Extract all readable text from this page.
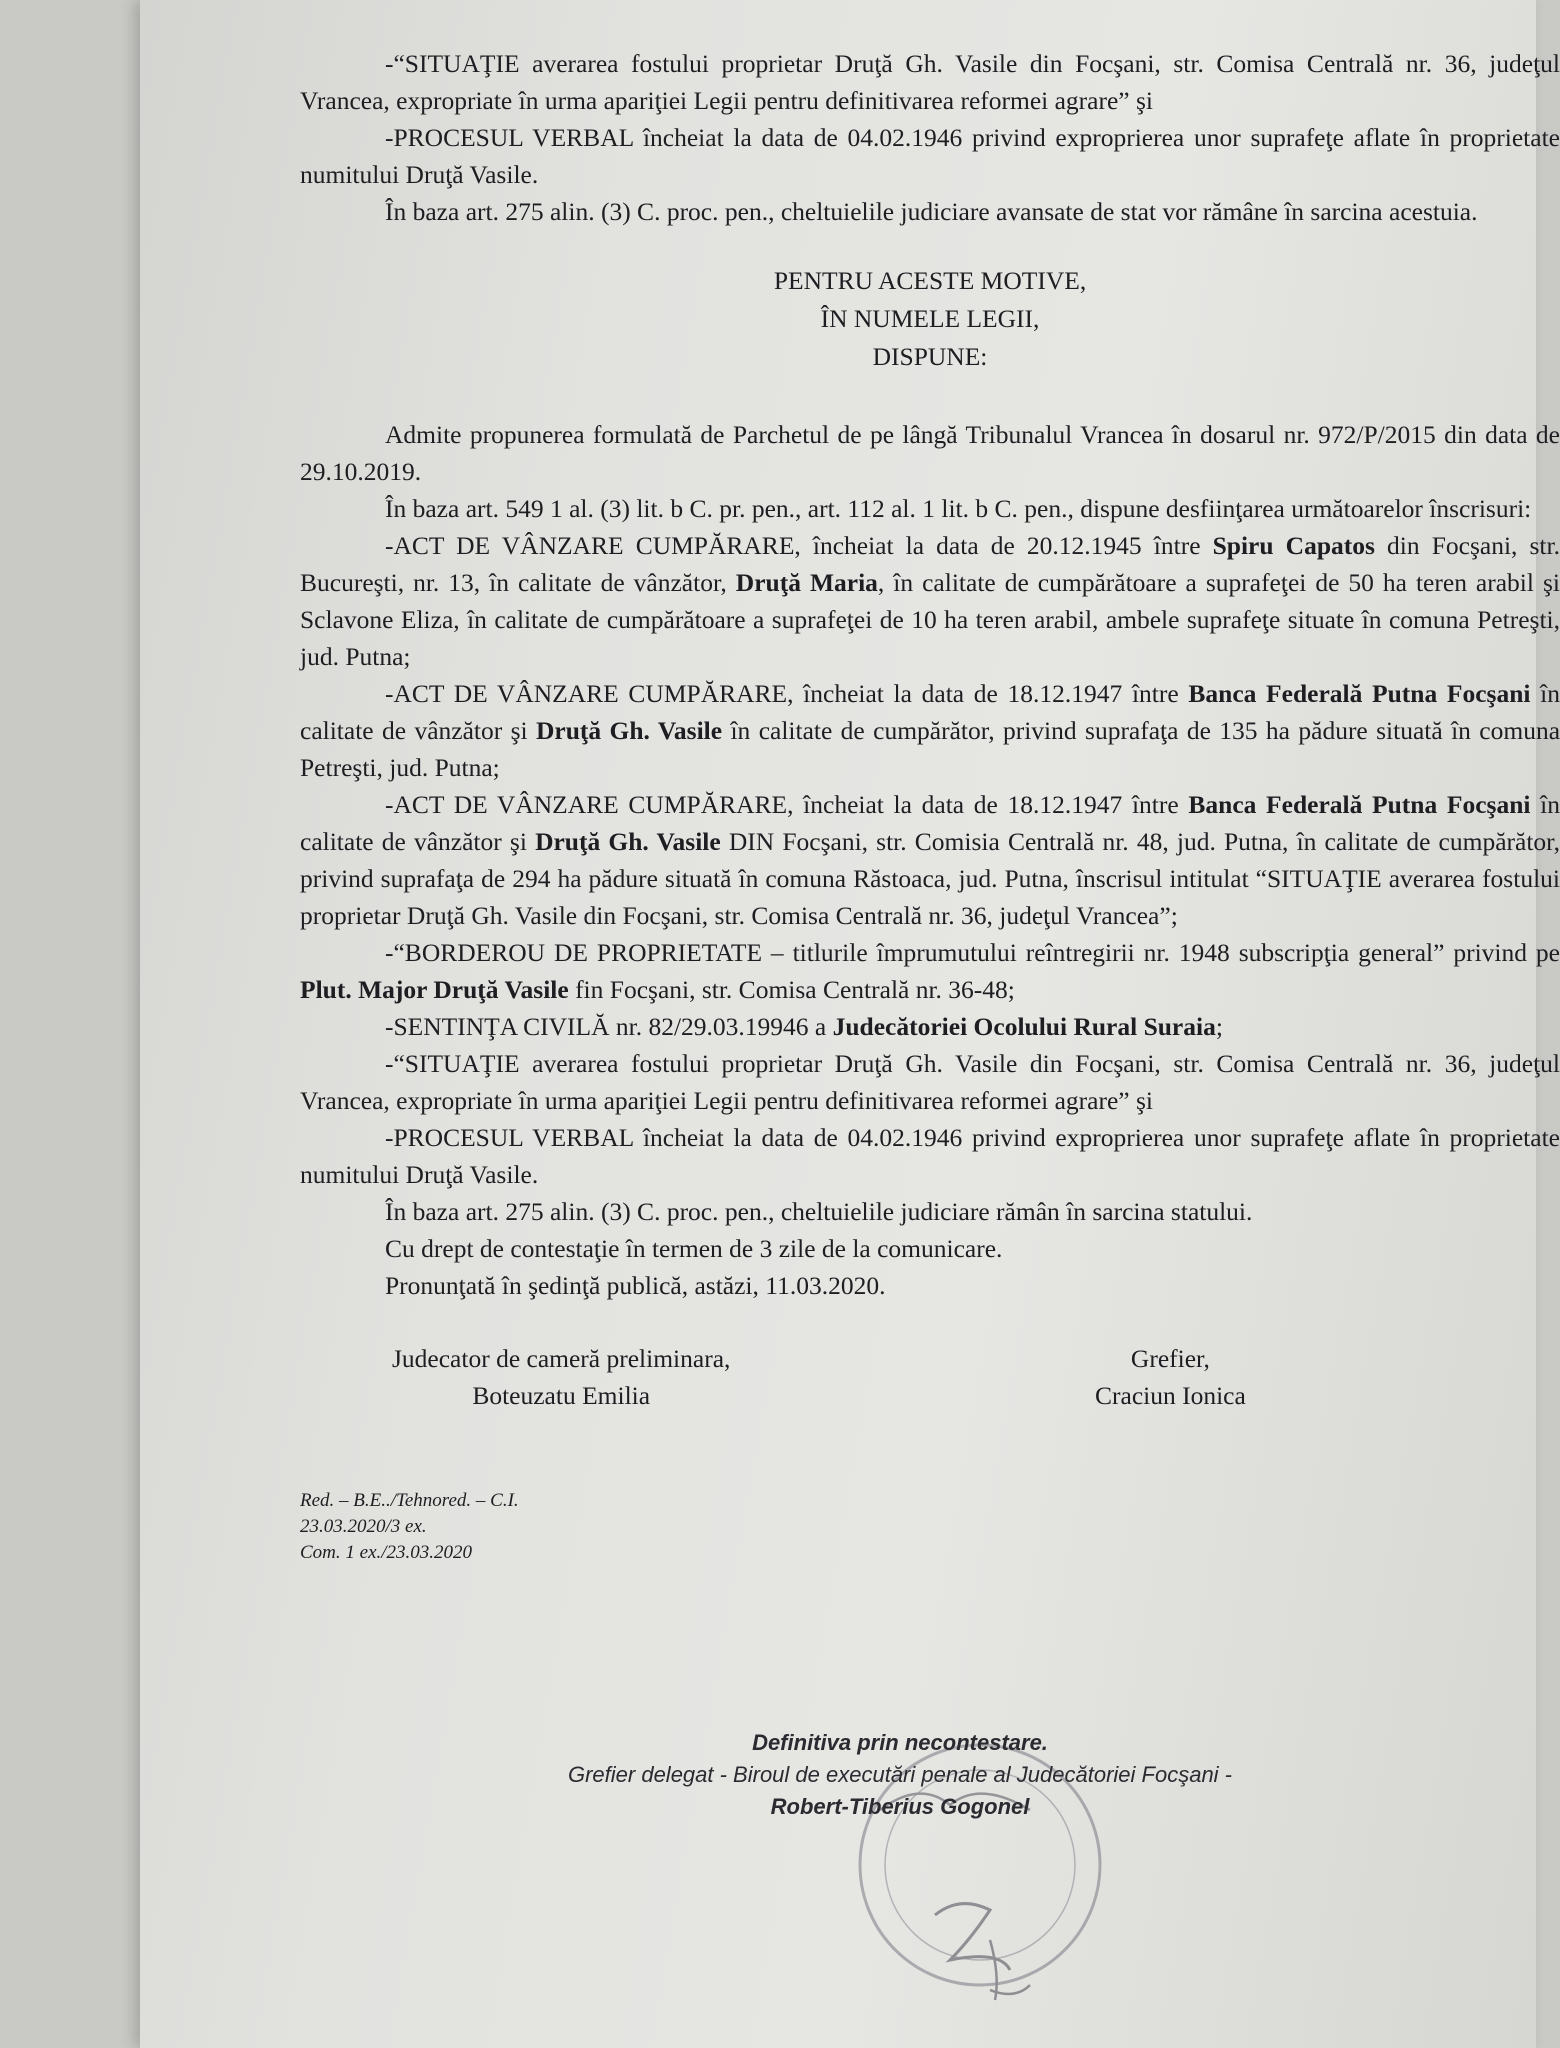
-“SITUAŢIE averarea fostului proprietar Druţă Gh. Vasile din Focşani, str. Comisa Centrală nr. 36, judeţul Vrancea, expropriate în urma apariţiei Legii pentru definitivarea reformei agrare” şi

-PROCESUL VERBAL încheiat la data de 04.02.1946 privind exproprierea unor suprafeţe aflate în proprietate numitului Druţă Vasile.

În baza art. 275 alin. (3) C. proc. pen., cheltuielile judiciare avansate de stat vor rămâne în sarcina acestuia.

PENTRU ACESTE MOTIVE,
ÎN NUMELE LEGII,
DISPUNE:

Admite propunerea formulată de Parchetul de pe lângă Tribunalul Vrancea în dosarul nr. 972/P/2015 din data de 29.10.2019.

În baza art. 549 1 al. (3) lit. b C. pr. pen., art. 112 al. 1 lit. b C. pen., dispune desfiinţarea următoarelor înscrisuri:

-ACT DE VÂNZARE CUMPĂRARE, încheiat la data de 20.12.1945 între Spiru Capatos din Focşani, str. Bucureşti, nr. 13, în calitate de vânzător, Druţă Maria, în calitate de cumpărătoare a suprafeţei de 50 ha teren arabil şi Sclavone Eliza, în calitate de cumpărătoare a suprafeţei de 10 ha teren arabil, ambele suprafeţe situate în comuna Petreşti, jud. Putna;

-ACT DE VÂNZARE CUMPĂRARE, încheiat la data de 18.12.1947 între Banca Federală Putna Focşani în calitate de vânzător şi Druţă Gh. Vasile în calitate de cumpărător, privind suprafaţa de 135 ha pădure situată în comuna Petreşti, jud. Putna;

-ACT DE VÂNZARE CUMPĂRARE, încheiat la data de 18.12.1947 între Banca Federală Putna Focşani în calitate de vânzător şi Druţă Gh. Vasile DIN Focşani, str. Comisia Centrală nr. 48, jud. Putna, în calitate de cumpărător, privind suprafaţa de 294 ha pădure situată în comuna Răstoaca, jud. Putna, înscrisul intitulat “SITUAŢIE averarea fostului proprietar Druţă Gh. Vasile din Focşani, str. Comisa Centrală nr. 36, judeţul Vrancea”;

-“BORDEROU DE PROPRIETATE – titlurile împrumutului reîntregirii nr. 1948 subscripţia general” privind pe Plut. Major Druţă Vasile fin Focşani, str. Comisa Centrală nr. 36-48;

-SENTINŢA CIVILĂ nr. 82/29.03.19946 a Judecătoriei Ocolului Rural Suraia;

-“SITUAŢIE averarea fostului proprietar Druţă Gh. Vasile din Focşani, str. Comisa Centrală nr. 36, judeţul Vrancea, expropriate în urma apariţiei Legii pentru definitivarea reformei agrare” şi

-PROCESUL VERBAL încheiat la data de 04.02.1946 privind exproprierea unor suprafeţe aflate în proprietate numitului Druţă Vasile.

În baza art. 275 alin. (3) C. proc. pen., cheltuielile judiciare rămân în sarcina statului.

Cu drept de contestaţie în termen de 3 zile de la comunicare.

Pronunţată în şedinţă publică, astăzi, 11.03.2020.

Judecator de cameră preliminara,
Boteuzatu Emilia
Grefier,
Craciun Ionica
Red. – B.E../Tehnored. – C.I.
23.03.2020/3 ex.
Com. 1 ex./23.03.2020
Definitiva prin necontestare.
Grefier delegat - Biroul de executări penale al Judecătoriei Focşani -
Robert-Tiberius Gogonel
